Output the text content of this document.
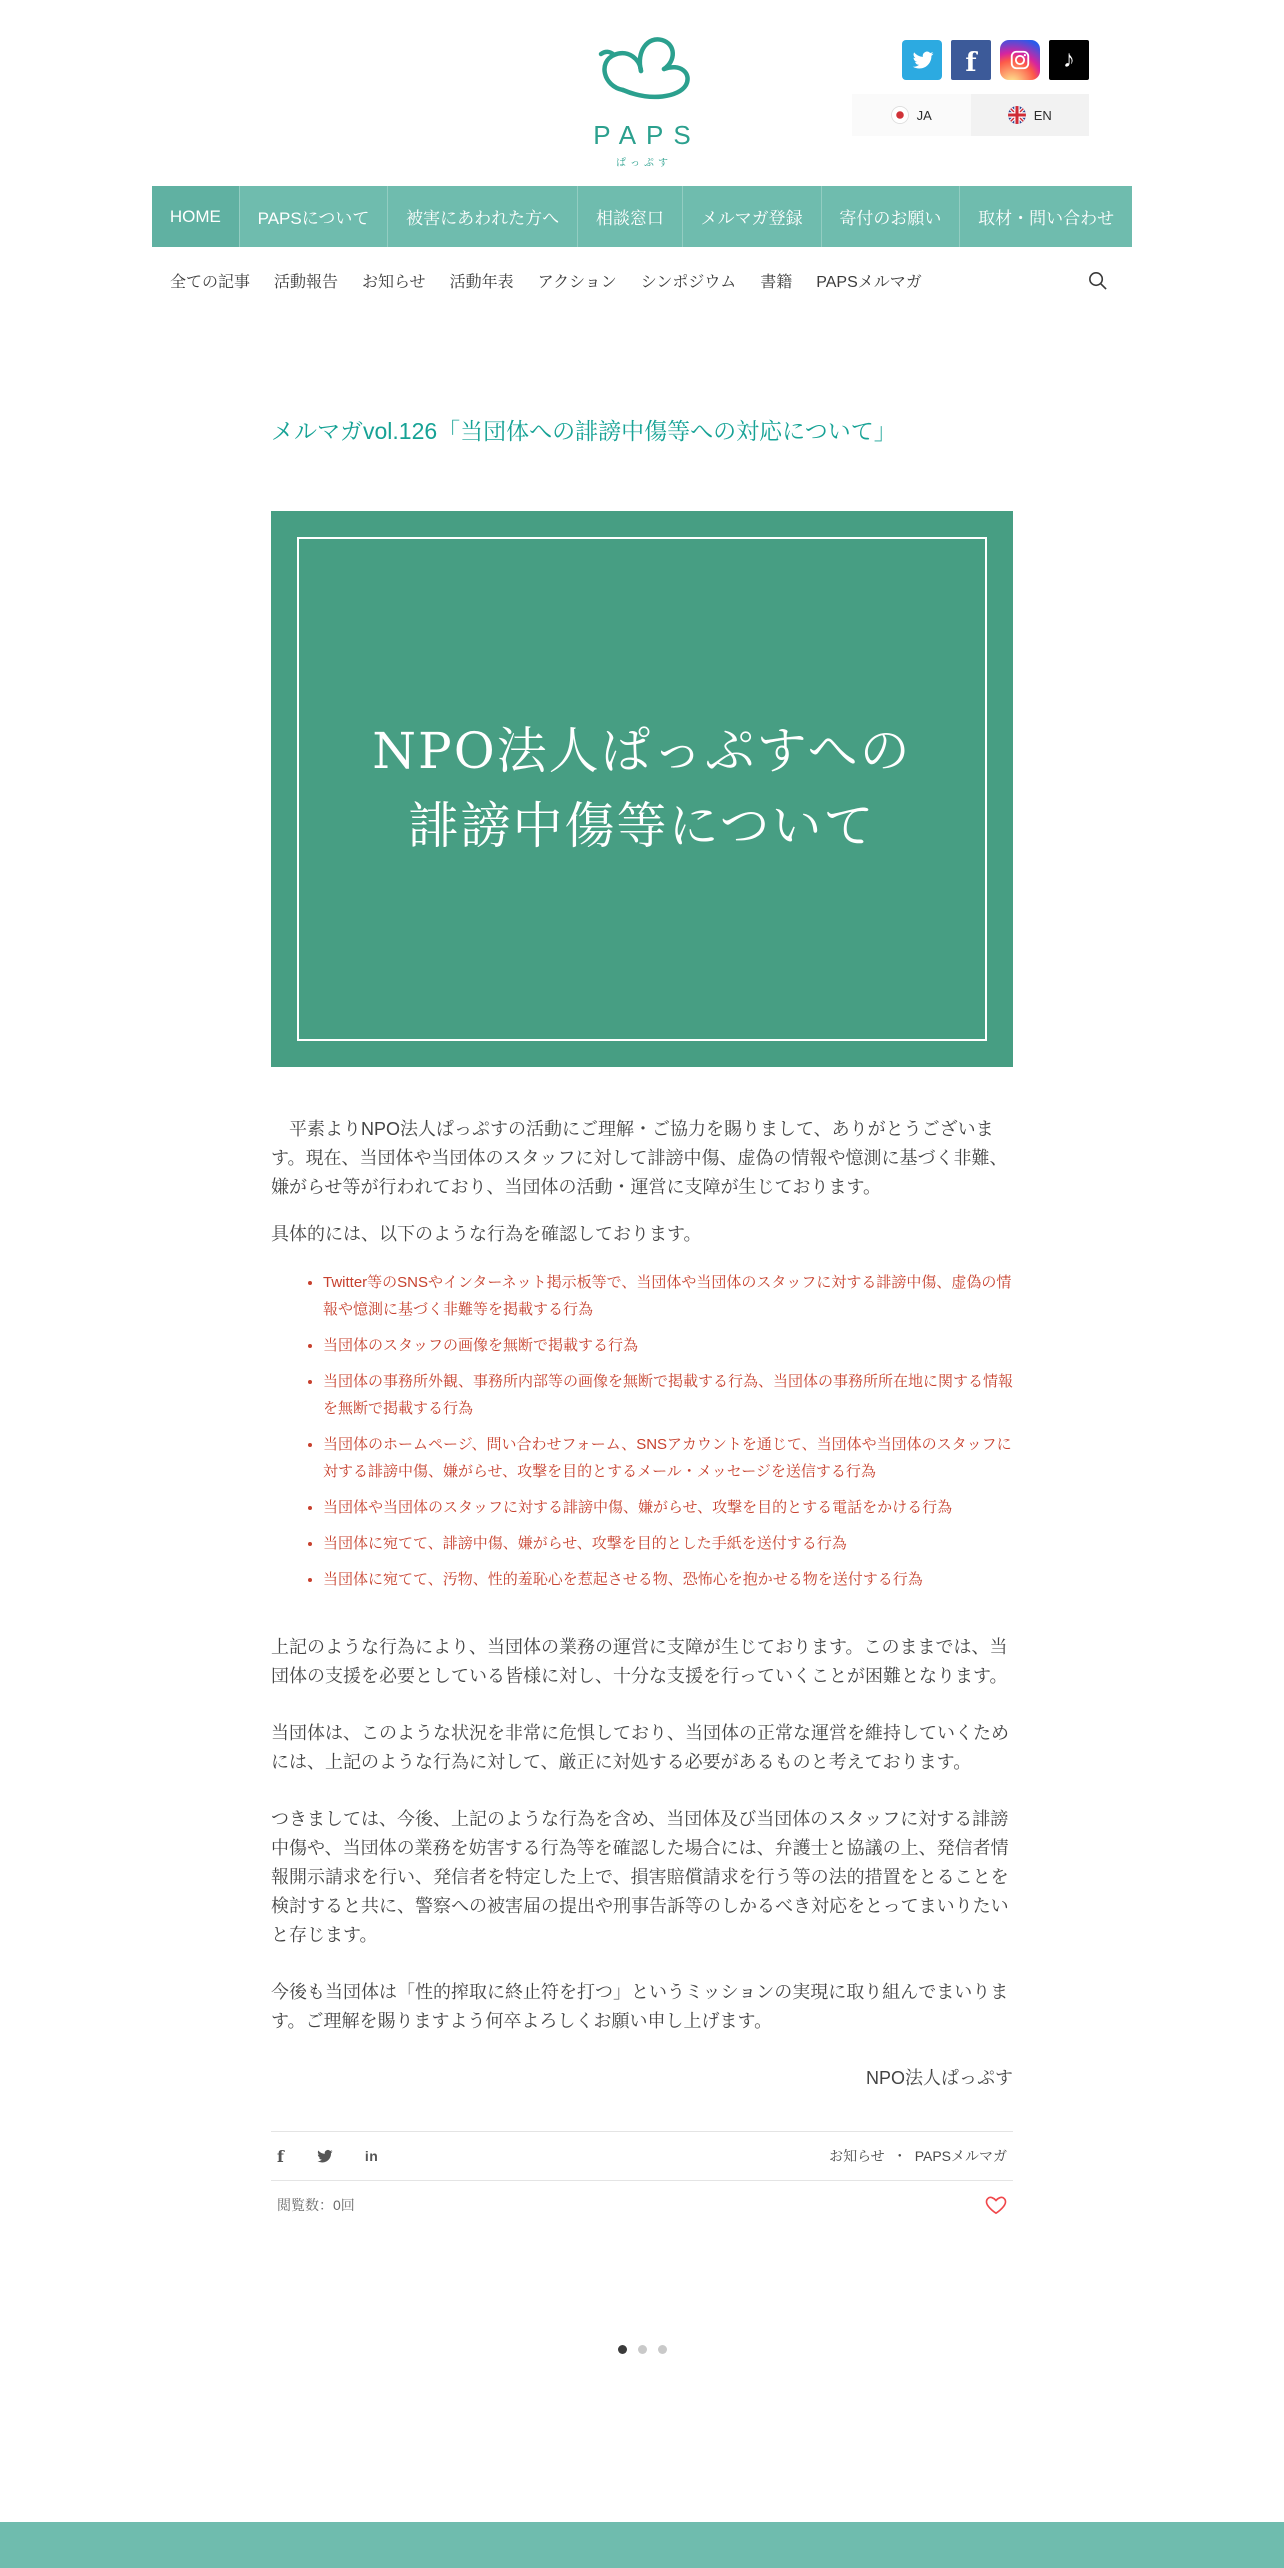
PAPS
ぱっぷす
f	♪
JA	EN
HOME	PAPSについて	被害にあわれた方へ	相談窓口	メルマガ登録	寄付のお願い	取材・問い合わせ
全ての記事 活動報告 お知らせ 活動年表 アクション シンポジウム 書籍 PAPSメルマガ
メルマガvol.126「当団体への誹謗中傷等への対応について」
NPO法人ぱっぷすへの
誹謗中傷等について

　平素よりNPO法人ぱっぷすの活動にご理解・ご協力を賜りまして、ありがとうございます。現在、当団体や当団体のスタッフに対して誹謗中傷、虚偽の情報や憶測に基づく非難、嫌がらせ等が行われており、当団体の活動・運営に支障が生じております。

具体的には、以下のような行為を確認しております。

• Twitter等のSNSやインターネット掲示板等で、当団体や当団体のスタッフに対する誹謗中傷、虚偽の情報や憶測に基づく非難等を掲載する行為
• 当団体のスタッフの画像を無断で掲載する行為
• 当団体の事務所外観、事務所内部等の画像を無断で掲載する行為、当団体の事務所所在地に関する情報を無断で掲載する行為
• 当団体のホームページ、問い合わせフォーム、SNSアカウントを通じて、当団体や当団体のスタッフに対する誹謗中傷、嫌がらせ、攻撃を目的とするメール・メッセージを送信する行為
• 当団体や当団体のスタッフに対する誹謗中傷、嫌がらせ、攻撃を目的とする電話をかける行為
• 当団体に宛てて、誹謗中傷、嫌がらせ、攻撃を目的とした手紙を送付する行為
• 当団体に宛てて、汚物、性的羞恥心を惹起させる物、恐怖心を抱かせる物を送付する行為

上記のような行為により、当団体の業務の運営に支障が生じております。このままでは、当団体の支援を必要としている皆様に対し、十分な支援を行っていくことが困難となります。

当団体は、このような状況を非常に危惧しており、当団体の正常な運営を維持していくためには、上記のような行為に対して、厳正に対処する必要があるものと考えております。

つきましては、今後、上記のような行為を含め、当団体及び当団体のスタッフに対する誹謗中傷や、当団体の業務を妨害する行為等を確認した場合には、弁護士と協議の上、発信者情報開示請求を行い、発信者を特定した上で、損害賠償請求を行う等の法的措置をとることを検討すると共に、警察への被害届の提出や刑事告訴等のしかるべき対応をとってまいりたいと存じます。

今後も当団体は「性的搾取に終止符を打つ」というミッションの実現に取り組んでまいります。ご理解を賜りますよう何卒よろしくお願い申し上げます。

NPO法人ぱっぷす

f	in	お知らせ ・ PAPSメルマガ
閲覧数：0回
